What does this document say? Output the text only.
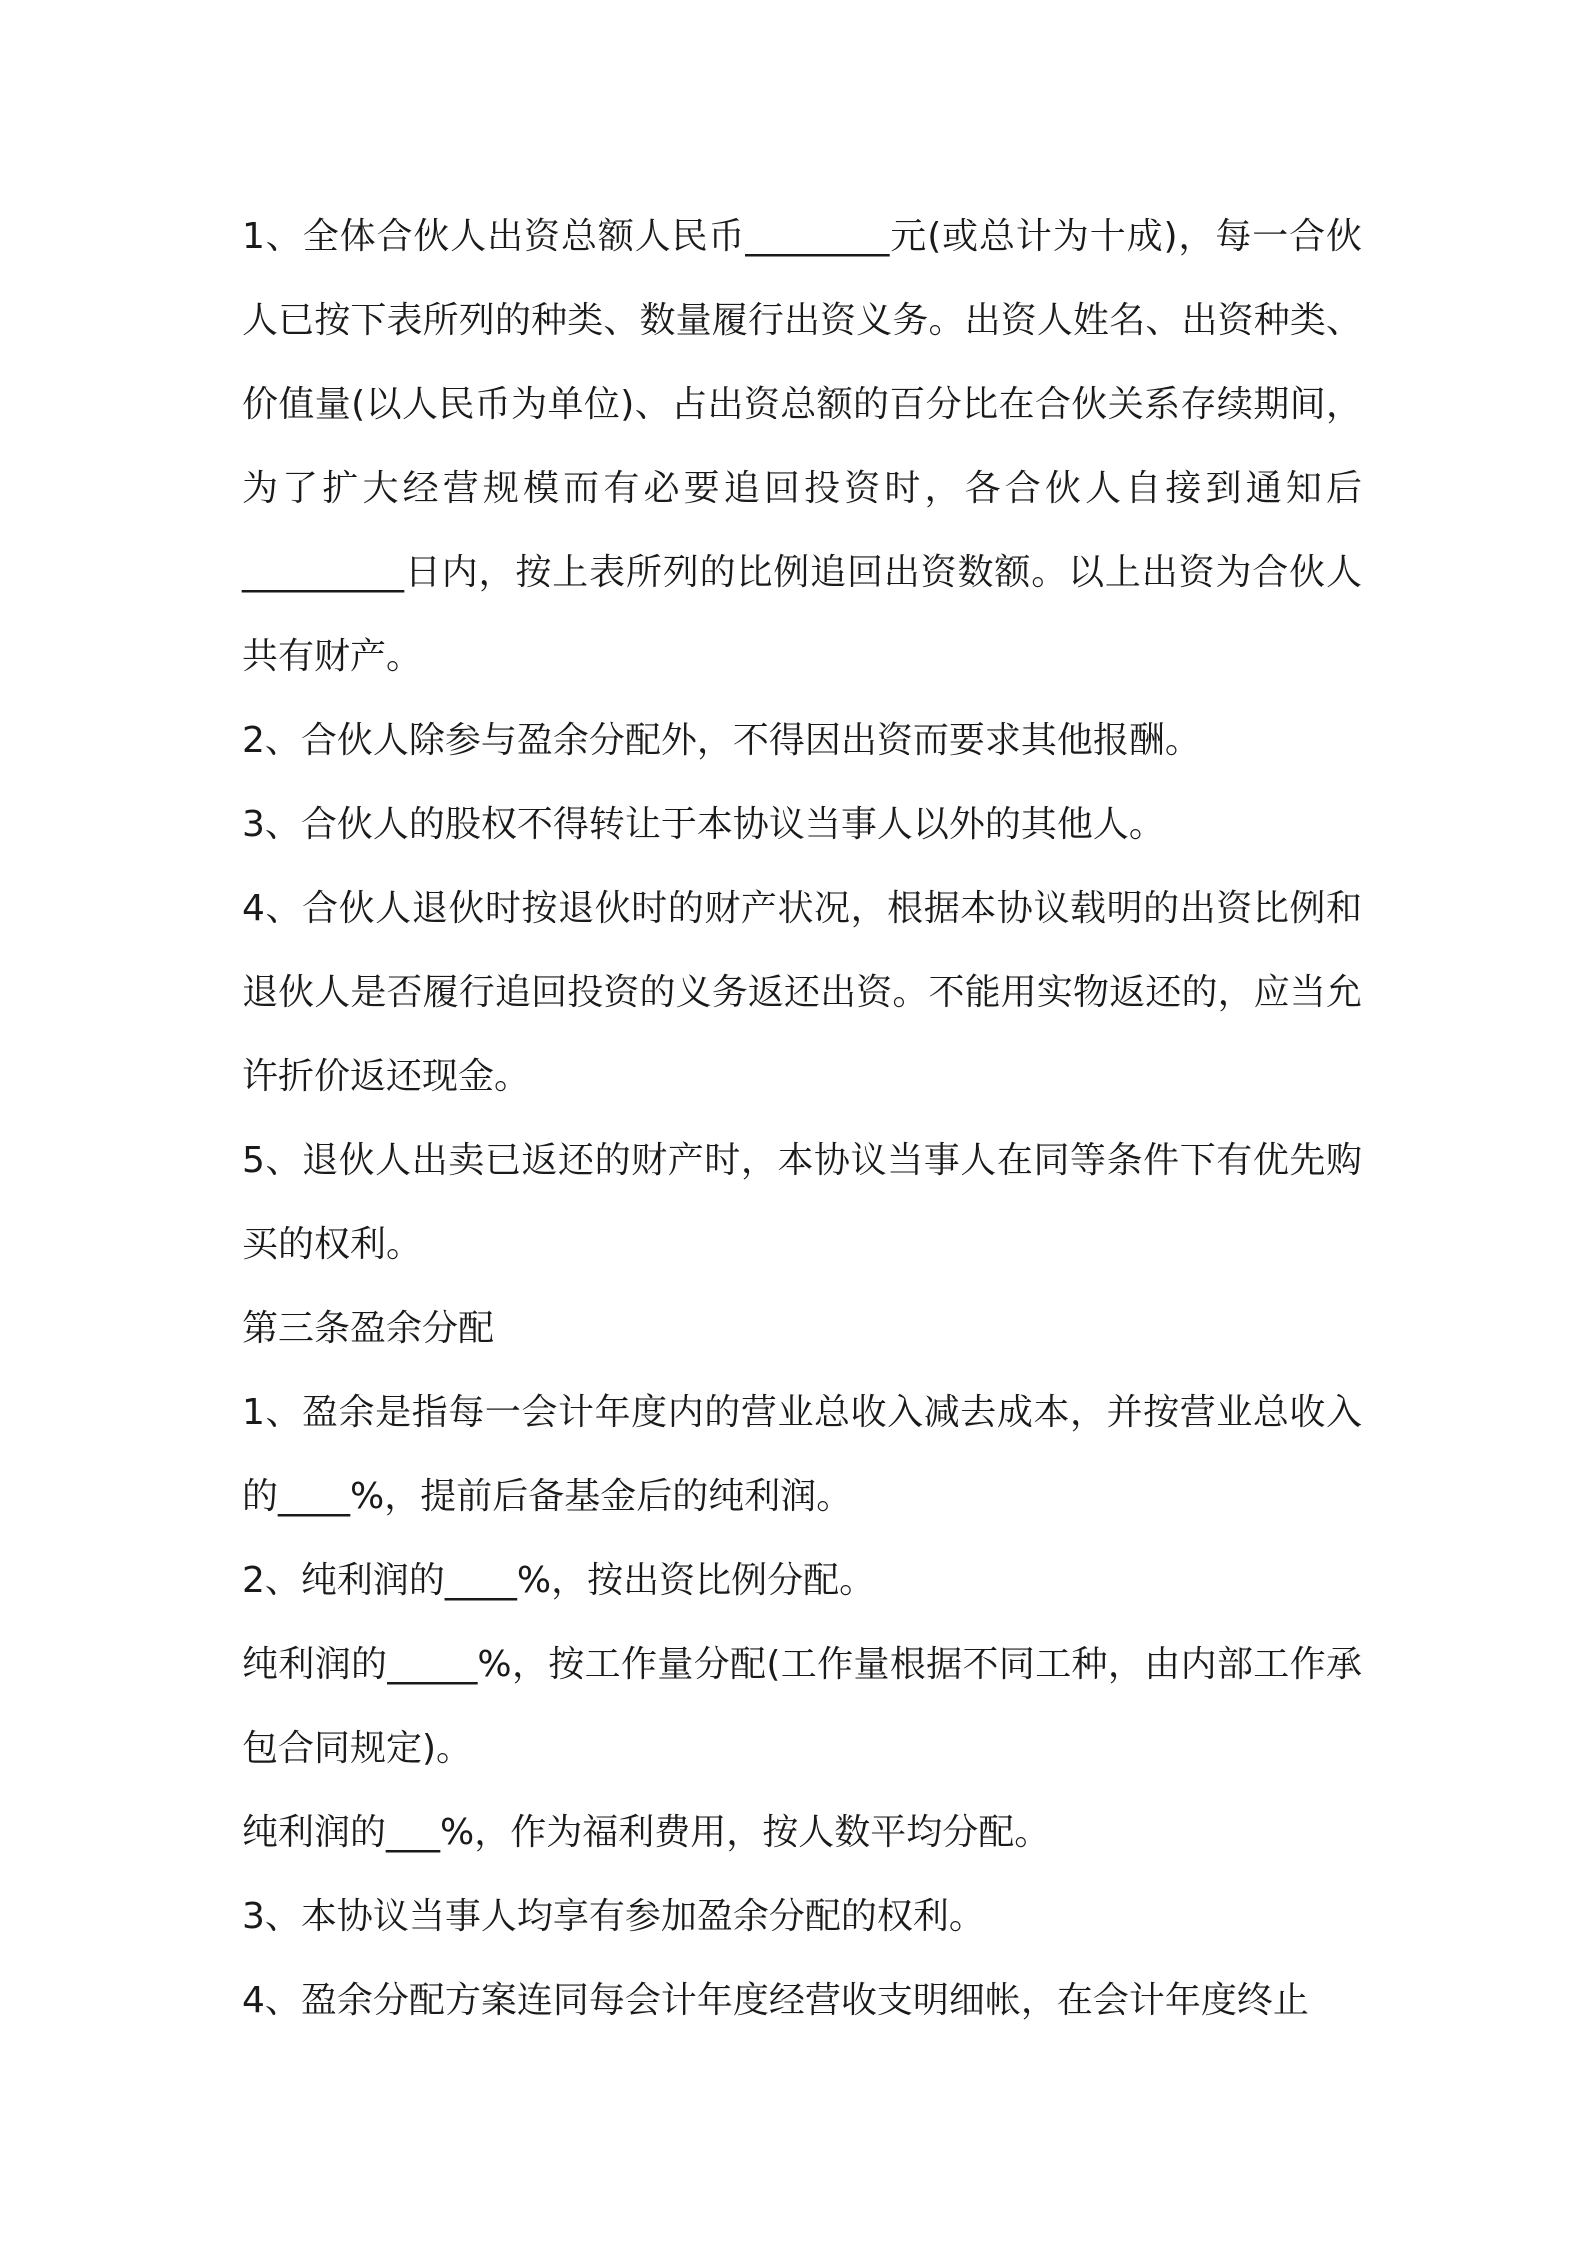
1、全体合伙人出资总额人民币________元(或总计为十成)，每一合伙人已按下表所列的种类、数量履行出资义务。出资人姓名、出资种类、价值量(以人民币为单位)、占出资总额的百分比在合伙关系存续期间，为了扩大经营规模而有必要追回投资时，各合伙人自接到通知后_________日内，按上表所列的比例追回出资数额。以上出资为合伙人共有财产。

2、合伙人除参与盈余分配外，不得因出资而要求其他报酬。

3、合伙人的股权不得转让于本协议当事人以外的其他人。

4、合伙人退伙时按退伙时的财产状况，根据本协议载明的出资比例和退伙人是否履行追回投资的义务返还出资。不能用实物返还的，应当允许折价返还现金。

5、退伙人出卖已返还的财产时，本协议当事人在同等条件下有优先购买的权利。

第三条盈余分配

1、盈余是指每一会计年度内的营业总收入减去成本，并按营业总收入的____%，提前后备基金后的纯利润。

2、纯利润的____%，按出资比例分配。

纯利润的_____%，按工作量分配(工作量根据不同工种，由内部工作承包合同规定)。

纯利润的___%，作为福利费用，按人数平均分配。

3、本协议当事人均享有参加盈余分配的权利。

4、盈余分配方案连同每会计年度经营收支明细帐，在会计年度终止
